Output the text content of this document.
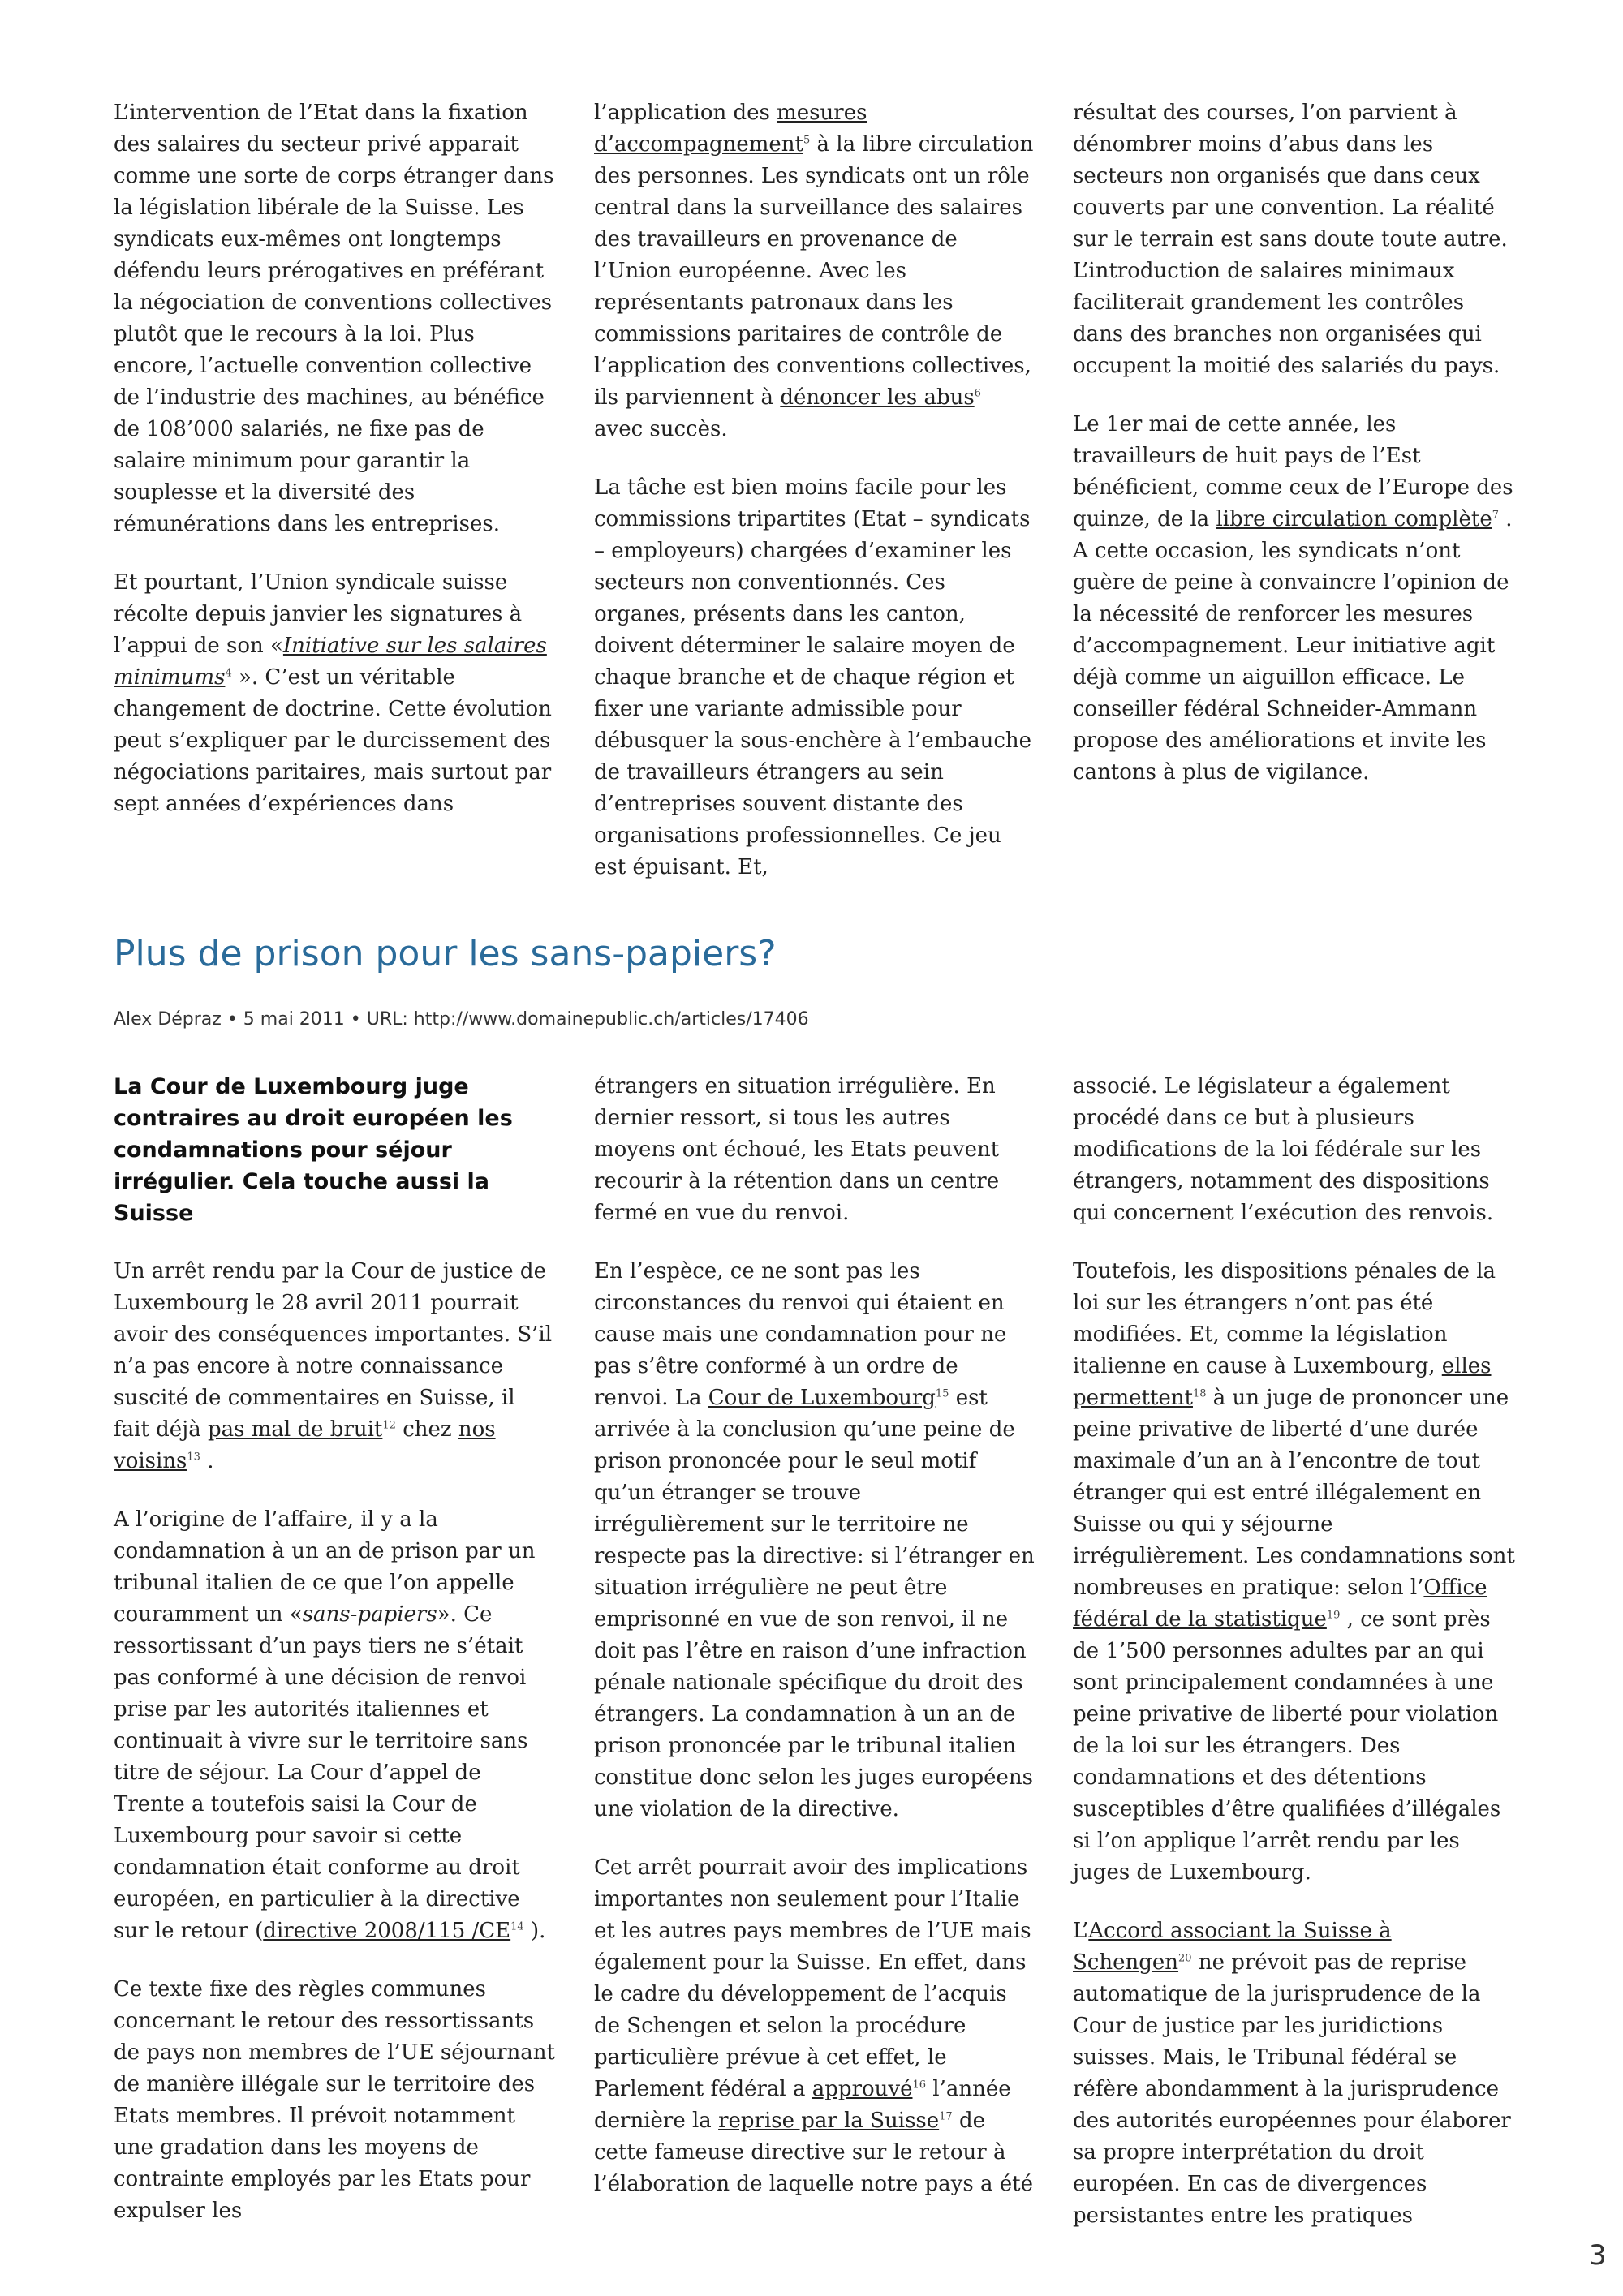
L’intervention de l’Etat dans la fixation des salaires du secteur privé apparait comme une sorte de corps étranger dans la législation libérale de la Suisse. Les syndicats eux-mêmes ont longtemps défendu leurs prérogatives en préférant la négociation de conventions collectives plutôt que le recours à la loi. Plus encore, l’actuelle convention collective de l’industrie des machines, au bénéfice de 108’000 salariés, ne fixe pas de salaire minimum pour garantir la souplesse et la diversité des rémunérations dans les entreprises.

Et pourtant, l’Union syndicale suisse récolte depuis janvier les signatures à l’appui de son «Initiative sur les salaires minimums$^4$ ». C’est un véritable changement de doctrine. Cette évolution peut s’expliquer par le durcissement des négociations paritaires, mais surtout par sept années d’expériences dans

l’application des mesures d’accompagnement$^5$ à la libre circulation des personnes. Les syndicats ont un rôle central dans la surveillance des salaires des travailleurs en provenance de l’Union européenne. Avec les représentants patronaux dans les commissions paritaires de contrôle de l’application des conventions collectives, ils parviennent à dénoncer les abus$^6$ avec succès.

La tâche est bien moins facile pour les commissions tripartites (Etat – syndicats – employeurs) chargées d’examiner les secteurs non conventionnés. Ces organes, présents dans les canton, doivent déterminer le salaire moyen de chaque branche et de chaque région et fixer une variante admissible pour débusquer la sous-enchère à l’embauche de travailleurs étrangers au sein d’entreprises souvent distante des organisations professionnelles. Ce jeu est épuisant. Et,

résultat des courses, l’on parvient à dénombrer moins d’abus dans les secteurs non organisés que dans ceux couverts par une convention. La réalité sur le terrain est sans doute toute autre. L’introduction de salaires minimaux faciliterait grandement les contrôles dans des branches non organisées qui occupent la moitié des salariés du pays.

Le 1er mai de cette année, les travailleurs de huit pays de l’Est bénéficient, comme ceux de l’Europe des quinze, de la libre circulation complète$^7$ . A cette occasion, les syndicats n’ont guère de peine à convaincre l’opinion de la nécessité de renforcer les mesures d’accompagnement. Leur initiative agit déjà comme un aiguillon efficace. Le conseiller fédéral Schneider-Ammann propose des améliorations et invite les cantons à plus de vigilance.

Plus de prison pour les sans-papiers?

Alex Dépraz • 5 mai 2011 • URL: http://www.domainepublic.ch/articles/17406

La Cour de Luxembourg juge contraires au droit européen les condamnations pour séjour irrégulier. Cela touche aussi la Suisse

Un arrêt rendu par la Cour de justice de Luxembourg le 28 avril 2011 pourrait avoir des conséquences importantes. S’il n’a pas encore à notre connaissance suscité de commentaires en Suisse, il fait déjà pas mal de bruit$^{12}$ chez nos voisins$^{13}$ .

A l’origine de l’affaire, il y a la condamnation à un an de prison par un tribunal italien de ce que l’on appelle couramment un «sans-papiers». Ce ressortissant d’un pays tiers ne s’était pas conformé à une décision de renvoi prise par les autorités italiennes et continuait à vivre sur le territoire sans titre de séjour. La Cour d’appel de Trente a toutefois saisi la Cour de Luxembourg pour savoir si cette condamnation était conforme au droit européen, en particulier à la directive sur le retour (directive 2008/115 /CE$^{14}$ ).

Ce texte fixe des règles communes concernant le retour des ressortissants de pays non membres de l’UE séjournant de manière illégale sur le territoire des Etats membres. Il prévoit notamment une gradation dans les moyens de contrainte employés par les Etats pour expulser les

étrangers en situation irrégulière. En dernier ressort, si tous les autres moyens ont échoué, les Etats peuvent recourir à la rétention dans un centre fermé en vue du renvoi.

En l’espèce, ce ne sont pas les circonstances du renvoi qui étaient en cause mais une condamnation pour ne pas s’être conformé à un ordre de renvoi. La Cour de Luxembourg$^{15}$ est arrivée à la conclusion qu’une peine de prison prononcée pour le seul motif qu’un étranger se trouve irrégulièrement sur le territoire ne respecte pas la directive: si l’étranger en situation irrégulière ne peut être emprisonné en vue de son renvoi, il ne doit pas l’être en raison d’une infraction pénale nationale spécifique du droit des étrangers. La condamnation à un an de prison prononcée par le tribunal italien constitue donc selon les juges européens une violation de la directive.

Cet arrêt pourrait avoir des implications importantes non seulement pour l’Italie et les autres pays membres de l’UE mais également pour la Suisse. En effet, dans le cadre du développement de l’acquis de Schengen et selon la procédure particulière prévue à cet effet, le Parlement fédéral a approuvé$^{16}$ l’année dernière la reprise par la Suisse$^{17}$ de cette fameuse directive sur le retour à l’élaboration de laquelle notre pays a été

associé. Le législateur a également procédé dans ce but à plusieurs modifications de la loi fédérale sur les étrangers, notamment des dispositions qui concernent l’exécution des renvois.

Toutefois, les dispositions pénales de la loi sur les étrangers n’ont pas été modifiées. Et, comme la législation italienne en cause à Luxembourg, elles permettent$^{18}$ à un juge de prononcer une peine privative de liberté d’une durée maximale d’un an à l’encontre de tout étranger qui est entré illégalement en Suisse ou qui y séjourne irrégulièrement. Les condamnations sont nombreuses en pratique: selon l’Office fédéral de la statistique$^{19}$ , ce sont près de 1’500 personnes adultes par an qui sont principalement condamnées à une peine privative de liberté pour violation de la loi sur les étrangers. Des condamnations et des détentions susceptibles d’être qualifiées d’illégales si l’on applique l’arrêt rendu par les juges de Luxembourg.

L’Accord associant la Suisse à Schengen$^{20}$ ne prévoit pas de reprise automatique de la jurisprudence de la Cour de justice par les juridictions suisses. Mais, le Tribunal fédéral se réfère abondamment à la jurisprudence des autorités européennes pour élaborer sa propre interprétation du droit européen. En cas de divergences persistantes entre les pratiques

3
